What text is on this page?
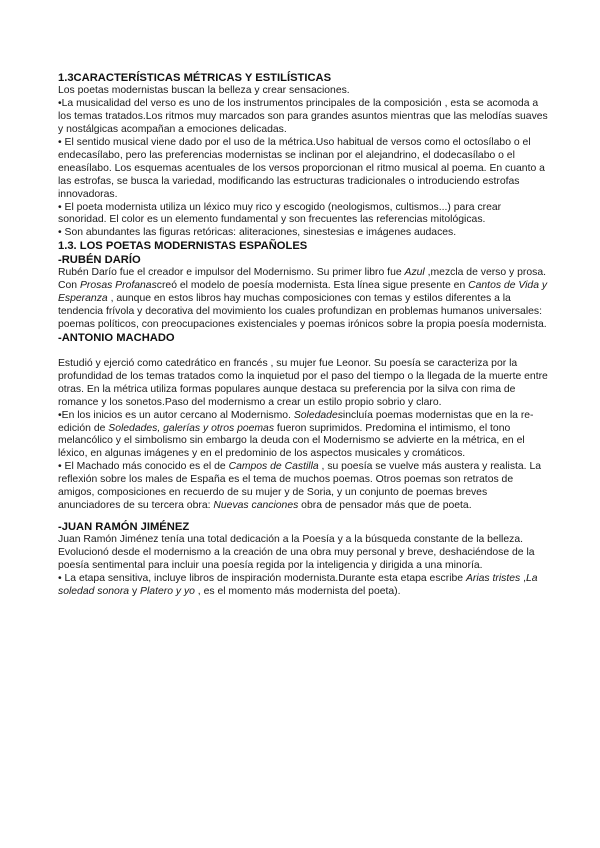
1.3CARACTERÍSTICAS MÉTRICAS Y ESTILÍSTICAS

Los poetas modernistas buscan la belleza y crear sensaciones.

•La musicalidad del verso es uno de los instrumentos principales de la composición , esta se acomoda a los temas tratados.Los ritmos muy marcados son para grandes asuntos mientras que las melodías suaves y nostálgicas acompañan a emociones delicadas.

• El sentido musical viene dado por el uso de la métrica.Uso habitual de versos como el octosílabo o el endecasílabo, pero las preferencias modernistas se inclinan por el alejandrino, el dodecasílabo o el eneasílabo. Los esquemas acentuales de los versos proporcionan el ritmo musical al poema. En cuanto a las estrofas, se busca la variedad, modificando las estructuras tradicionales o introduciendo estrofas innovadoras.

• El poeta modernista utiliza un léxico muy rico y escogido (neologismos, cultismos...) para crear sonoridad. El color es un elemento fundamental y son frecuentes las referencias mitológicas.

• Son abundantes las figuras retóricas: aliteraciones, sinestesias e imágenes audaces.

1.3. LOS POETAS MODERNISTAS ESPAÑOLES
-RUBÉN DARÍO

Rubén Darío fue el creador e impulsor del Modernismo. Su primer libro fue Azul ,mezcla de verso y prosa. Con Prosas Profanascreó el modelo de poesía modernista. Esta línea sigue presente en Cantos de Vida y Esperanza , aunque en estos libros hay muchas composiciones con temas y estilos diferentes a la tendencia frívola y decorativa del movimiento los cuales profundizan en problemas humanos universales: poemas políticos, con preocupaciones existenciales y poemas irónicos sobre la propia poesía modernista.

-ANTONIO MACHADO

Estudió y ejerció como catedrático en francés , su mujer fue Leonor. Su poesía se caracteriza por la profundidad de los temas tratados como la inquietud por el paso del tiempo o la llegada de la muerte entre otras. En la métrica utiliza formas populares aunque destaca su preferencia por la silva con rima de romance y los sonetos.Paso del modernismo a crear un estilo propio sobrio y claro.

•En los inicios es un autor cercano al Modernismo. Soledadesincluía poemas modernistas que en la re-edición de Soledades, galerías y otros poemas fueron suprimidos. Predomina el intimismo, el tono melancólico y el simbolismo sin embargo la deuda con el Modernismo se advierte en la métrica, en el léxico, en algunas imágenes y en el predominio de los aspectos musicales y cromáticos.

• El Machado más conocido es el de Campos de Castilla , su poesía se vuelve más austera y realista. La reflexión sobre los males de España es el tema de muchos poemas. Otros poemas son retratos de amigos, composiciones en recuerdo de su mujer y de Soria, y un conjunto de poemas breves anunciadores de su tercera obra: Nuevas canciones obra de pensador más que de poeta.

-JUAN RAMÓN JIMÉNEZ

Juan Ramón Jiménez tenía una total dedicación a la Poesía y a la búsqueda constante de la belleza. Evolucionó desde el modernismo a la creación de una obra muy personal y breve, deshaciéndose de la poesía sentimental para incluir una poesía regida por la inteligencia y dirigida a una minoría.

• La etapa sensitiva, incluye libros de inspiración modernista.Durante esta etapa escribe Arias tristes ,La soledad sonora y Platero y yo , es el momento más modernista del poeta).
